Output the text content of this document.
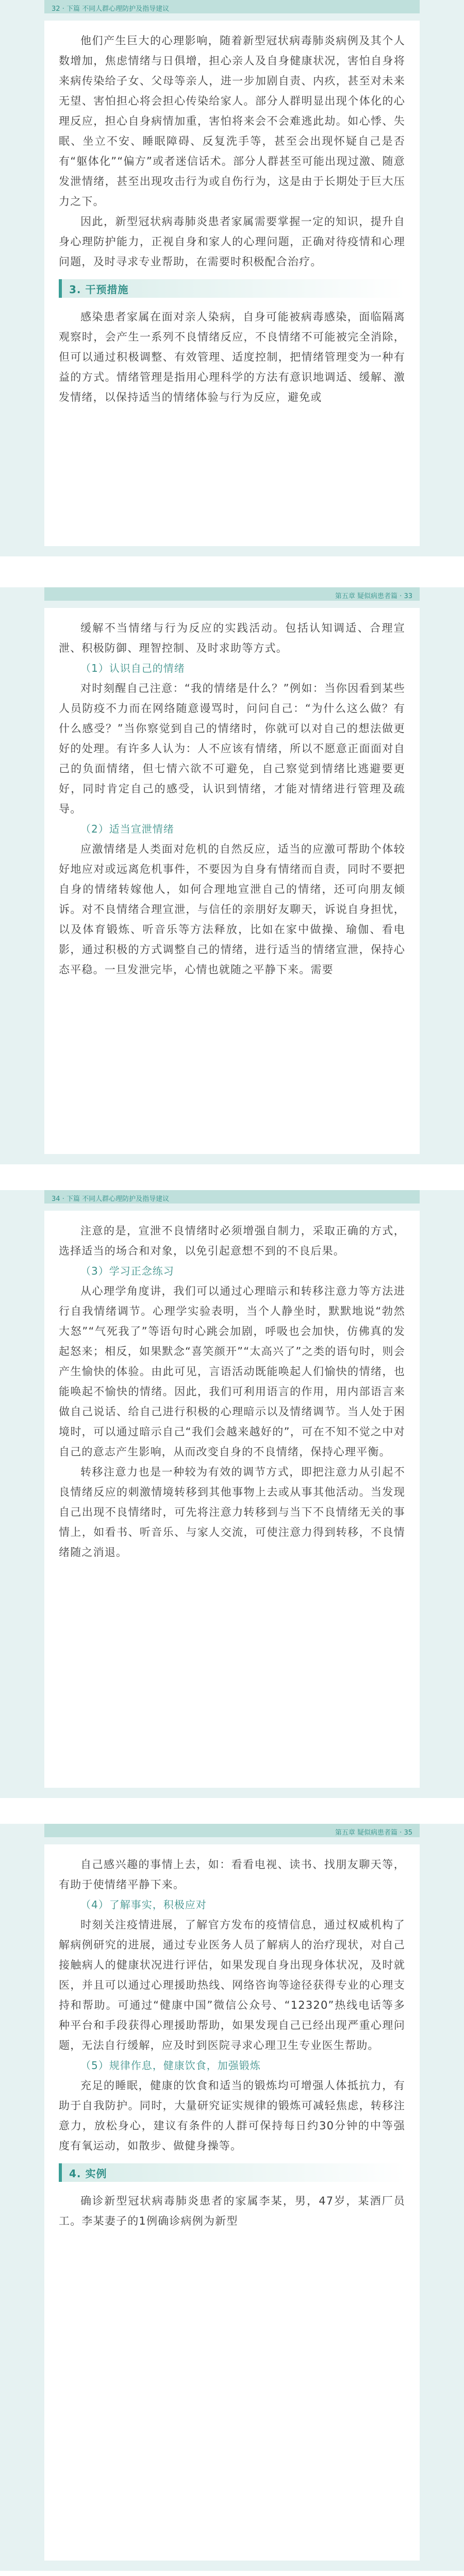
32 · 下篇 不同人群心理防护及指导建议

他们产生巨大的心理影响，随着新型冠状病毒肺炎病例及其个人数增加，焦虑情绪与日俱增，担心亲人及自身健康状况，害怕自身将来病传染给子女、父母等亲人，进一步加剧自责、内疚，甚至对未来无望、害怕担心将会担心传染给家人。部分人群明显出现个体化的心理反应，担心自身病情加重，害怕将来会不会难逃此劫。如心悸、失眠、坐立不安、睡眠障碍、反复洗手等，甚至会出现怀疑自己是否有“躯体化”“偏方”或者迷信话术。部分人群甚至可能出现过激、随意发泄情绪，甚至出现攻击行为或自伤行为，这是由于长期处于巨大压力之下。

因此，新型冠状病毒肺炎患者家属需要掌握一定的知识，提升自身心理防护能力，正视自身和家人的心理问题，正确对待疫情和心理问题，及时寻求专业帮助，在需要时积极配合治疗。

3. 干预措施

感染患者家属在面对亲人染病，自身可能被病毒感染，面临隔离观察时，会产生一系列不良情绪反应，不良情绪不可能被完全消除，但可以通过积极调整、有效管理、适度控制，把情绪管理变为一种有益的方式。情绪管理是指用心理科学的方法有意识地调适、缓解、激发情绪，以保持适当的情绪体验与行为反应，避免或

第五章 疑似病患者篇 · 33

缓解不当情绪与行为反应的实践活动。包括认知调适、合理宣泄、积极防御、理智控制、及时求助等方式。

（1）认识自己的情绪

对时刻醒自己注意：“我的情绪是什么？”例如：当你因看到某些人员防疫不力而在网络随意谩骂时，问问自己：“为什么这么做？有什么感受？”当你察觉到自己的情绪时，你就可以对自己的想法做更好的处理。有许多人认为：人不应该有情绪，所以不愿意正面面对自己的负面情绪，但七情六欲不可避免，自己察觉到情绪比逃避要更好，同时肯定自己的感受，认识到情绪，才能对情绪进行管理及疏导。

（2）适当宣泄情绪

应激情绪是人类面对危机的自然反应，适当的应激可帮助个体较好地应对或远离危机事件，不要因为自身有情绪而自责，同时不要把自身的情绪转嫁他人，如何合理地宣泄自己的情绪，还可向朋友倾诉。对不良情绪合理宣泄，与信任的亲朋好友聊天，诉说自身担忧，以及体育锻炼、听音乐等方法释放，比如在家中做操、瑜伽、看电影，通过积极的方式调整自己的情绪，进行适当的情绪宣泄，保持心态平稳。一旦发泄完毕，心情也就随之平静下来。需要

34 · 下篇 不同人群心理防护及指导建议

注意的是，宣泄不良情绪时必须增强自制力，采取正确的方式，选择适当的场合和对象，以免引起意想不到的不良后果。

（3）学习正念练习

从心理学角度讲，我们可以通过心理暗示和转移注意力等方法进行自我情绪调节。心理学实验表明，当个人静坐时，默默地说“勃然大怒”“气死我了”等语句时心跳会加剧，呼吸也会加快，仿佛真的发起怒来；相反，如果默念“喜笑颜开”“太高兴了”之类的语句时，则会产生愉快的体验。由此可见，言语活动既能唤起人们愉快的情绪，也能唤起不愉快的情绪。因此，我们可利用语言的作用，用内部语言来做自己说话、给自己进行积极的心理暗示以及情绪调节。当人处于困境时，可以通过暗示自己“我们会越来越好的”，可在不知不觉之中对自己的意志产生影响，从而改变自身的不良情绪，保持心理平衡。

转移注意力也是一种较为有效的调节方式，即把注意力从引起不良情绪反应的刺激情境转移到其他事物上去或从事其他活动。当发现自己出现不良情绪时，可先将注意力转移到与当下不良情绪无关的事情上，如看书、听音乐、与家人交流，可使注意力得到转移，不良情绪随之消退。

第五章 疑似病患者篇 · 35

自己感兴趣的事情上去，如：看看电视、读书、找朋友聊天等，有助于使情绪平静下来。

（4）了解事实，积极应对

时刻关注疫情进展，了解官方发布的疫情信息，通过权威机构了解病例研究的进展，通过专业医务人员了解病人的治疗现状，对自己接触病人的健康状况进行评估，如果发现自身出现身体状况，及时就医，并且可以通过心理援助热线、网络咨询等途径获得专业的心理支持和帮助。可通过“健康中国”微信公众号、“12320”热线电话等多种平台和手段获得心理援助帮助，如果发现自己已经出现严重心理问题，无法自行缓解，应及时到医院寻求心理卫生专业医生帮助。

（5）规律作息，健康饮食，加强锻炼

充足的睡眠，健康的饮食和适当的锻炼均可增强人体抵抗力，有助于自我防护。同时，大量研究证实规律的锻炼可减轻焦虑，转移注意力，放松身心，建议有条件的人群可保持每日约30分钟的中等强度有氧运动，如散步、做健身操等。

4. 实例

确诊新型冠状病毒肺炎患者的家属李某，男，47岁，某酒厂员工。李某妻子的1例确诊病例为新型
